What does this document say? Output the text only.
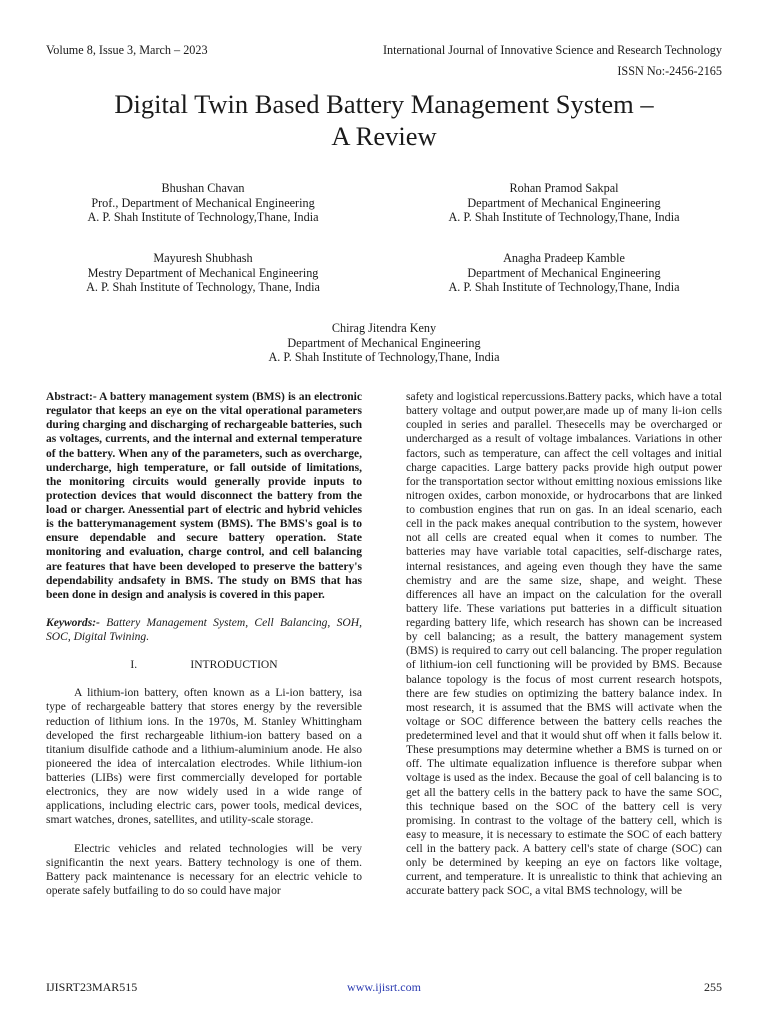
Volume 8, Issue 3, March – 2023	International Journal of Innovative Science and Research Technology
ISSN No:-2456-2165
Digital Twin Based Battery Management System –
A Review
Bhushan Chavan
Prof., Department of Mechanical Engineering
A. P. Shah Institute of Technology,Thane, India
Rohan Pramod Sakpal
Department of Mechanical Engineering
A. P. Shah Institute of Technology,Thane, India
Mayuresh Shubhash
Mestry Department of Mechanical Engineering
A. P. Shah Institute of Technology, Thane, India
Anagha Pradeep Kamble
Department of Mechanical Engineering
A. P. Shah Institute of Technology,Thane, India
Chirag Jitendra Keny
Department of Mechanical Engineering
A. P. Shah Institute of Technology,Thane, India

Abstract:- A battery management system (BMS) is an electronic regulator that keeps an eye on the vital operational parameters during charging and discharging of rechargeable batteries, such as voltages, currents, and the internal and external temperature of the battery. When any of the parameters, such as overcharge, undercharge, high temperature, or fall outside of limitations, the monitoring circuits would generally provide inputs to protection devices that would disconnect the battery from the load or charger. Anessential part of electric and hybrid vehicles is the batterymanagement system (BMS). The BMS's goal is to ensure dependable and secure battery operation. State monitoring and evaluation, charge control, and cell balancing are features that have been developed to preserve the battery's dependability andsafety in BMS. The study on BMS that has been done in design and analysis is covered in this paper.

Keywords:- Battery Management System, Cell Balancing, SOH, SOC, Digital Twining.

I.	INTRODUCTION

A lithium-ion battery, often known as a Li-ion battery, isa type of rechargeable battery that stores energy by the reversible reduction of lithium ions. In the 1970s, M. Stanley Whittingham developed the first rechargeable lithium-ion battery based on a titanium disulfide cathode and a lithium-aluminium anode. He also pioneered the idea of intercalation electrodes. While lithium-ion batteries (LIBs) were first commercially developed for portable electronics, they are now widely used in a wide range of applications, including electric cars, power tools, medical devices, smart watches, drones, satellites, and utility-scale storage.

Electric vehicles and related technologies will be very significantin the next years. Battery technology is one of them. Battery pack maintenance is necessary for an electric vehicle to operate safely butfailing to do so could have major

safety and logistical repercussions.Battery packs, which have a total battery voltage and output power,are made up of many li-ion cells coupled in series and parallel. Thesecells may be overcharged or undercharged as a result of voltage imbalances. Variations in other factors, such as temperature, can affect the cell voltages and initial charge capacities. Large battery packs provide high output power for the transportation sector without emitting noxious emissions like nitrogen oxides, carbon monoxide, or hydrocarbons that are linked to combustion engines that run on gas. In an ideal scenario, each cell in the pack makes anequal contribution to the system, however not all cells are created equal when it comes to number. The batteries may have variable total capacities, self-discharge rates, internal resistances, and ageing even though they have the same chemistry and are the same size, shape, and weight. These differences all have an impact on the calculation for the overall battery life. These variations put batteries in a difficult situation regarding battery life, which research has shown can be increased by cell balancing; as a result, the battery management system (BMS) is required to carry out cell balancing. The proper regulation of lithium-ion cell functioning will be provided by BMS. Because balance topology is the focus of most current research hotspots, there are few studies on optimizing the battery balance index. In most research, it is assumed that the BMS will activate when the voltage or SOC difference between the battery cells reaches the predetermined level and that it would shut off when it falls below it. These presumptions may determine whether a BMS is turned on or off. The ultimate equalization influence is therefore subpar when voltage is used as the index. Because the goal of cell balancing is to get all the battery cells in the battery pack to have the same SOC, this technique based on the SOC of the battery cell is very promising. In contrast to the voltage of the battery cell, which is easy to measure, it is necessary to estimate the SOC of each battery cell in the battery pack. A battery cell's state of charge (SOC) can only be determined by keeping an eye on factors like voltage, current, and temperature. It is unrealistic to think that achieving an accurate battery pack SOC, a vital BMS technology, will be

IJISRT23MAR515	www.ijisrt.com	255
